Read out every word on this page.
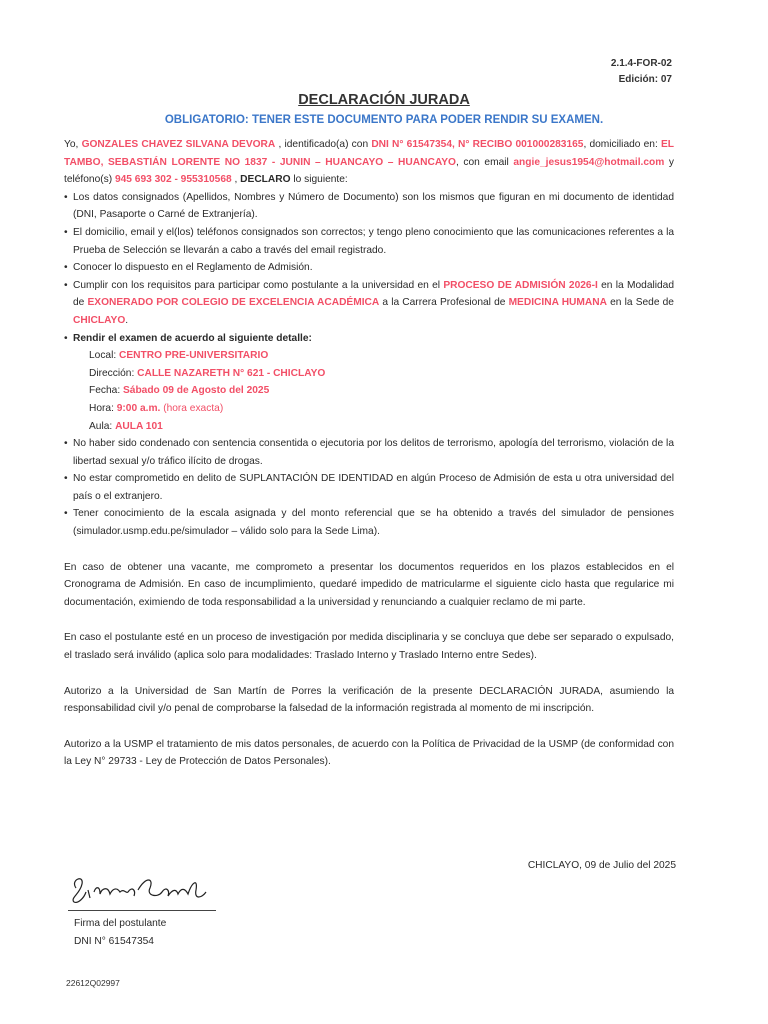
2.1.4-FOR-02
Edición: 07
DECLARACIÓN JURADA
OBLIGATORIO: TENER ESTE DOCUMENTO PARA PODER RENDIR SU EXAMEN.

Yo, GONZALES CHAVEZ SILVANA DEVORA , identificado(a) con DNI N° 61547354, N° RECIBO 001000283165, domiciliado en: EL TAMBO, SEBASTIÁN LORENTE NO 1837 - JUNIN – HUANCAYO – HUANCAYO, con email angie_jesus1954@hotmail.com y teléfono(s) 945 693 302 - 955310568 , DECLARO lo siguiente:

• Los datos consignados (Apellidos, Nombres y Número de Documento) son los mismos que figuran en mi documento de identidad (DNI, Pasaporte o Carné de Extranjería).
• El domicilio, email y el(los) teléfonos consignados son correctos; y tengo pleno conocimiento que las comunicaciones referentes a la Prueba de Selección se llevarán a cabo a través del email registrado.
• Conocer lo dispuesto en el Reglamento de Admisión.
• Cumplir con los requisitos para participar como postulante a la universidad en el PROCESO DE ADMISIÓN 2026-I en la Modalidad de EXONERADO POR COLEGIO DE EXCELENCIA ACADÉMICA a la Carrera Profesional de MEDICINA HUMANA en la Sede de CHICLAYO.
• Rendir el examen de acuerdo al siguiente detalle:
Local: CENTRO PRE-UNIVERSITARIO
Dirección: CALLE NAZARETH N° 621 - CHICLAYO
Fecha: Sábado 09 de Agosto del 2025
Hora: 9:00 a.m. (hora exacta)
Aula: AULA 101
• No haber sido condenado con sentencia consentida o ejecutoria por los delitos de terrorismo, apología del terrorismo, violación de la libertad sexual y/o tráfico ilícito de drogas.
• No estar comprometido en delito de SUPLANTACIÓN DE IDENTIDAD en algún Proceso de Admisión de esta u otra universidad del país o el extranjero.
• Tener conocimiento de la escala asignada y del monto referencial que se ha obtenido a través del simulador de pensiones (simulador.usmp.edu.pe/simulador – válido solo para la Sede Lima).

En caso de obtener una vacante, me comprometo a presentar los documentos requeridos en los plazos establecidos en el Cronograma de Admisión. En caso de incumplimiento, quedaré impedido de matricularme el siguiente ciclo hasta que regularice mi documentación, eximiendo de toda responsabilidad a la universidad y renunciando a cualquier reclamo de mi parte.

En caso el postulante esté en un proceso de investigación por medida disciplinaria y se concluya que debe ser separado o expulsado, el traslado será inválido (aplica solo para modalidades: Traslado Interno y Traslado Interno entre Sedes).

Autorizo a la Universidad de San Martín de Porres la verificación de la presente DECLARACIÓN JURADA, asumiendo la responsabilidad civil y/o penal de comprobarse la falsedad de la información registrada al momento de mi inscripción.

Autorizo a la USMP el tratamiento de mis datos personales, de acuerdo con la Política de Privacidad de la USMP (de conformidad con la Ley N° 29733 - Ley de Protección de Datos Personales).

CHICLAYO, 09 de Julio del 2025
Firma del postulante
DNI N° 61547354
22612Q02997
